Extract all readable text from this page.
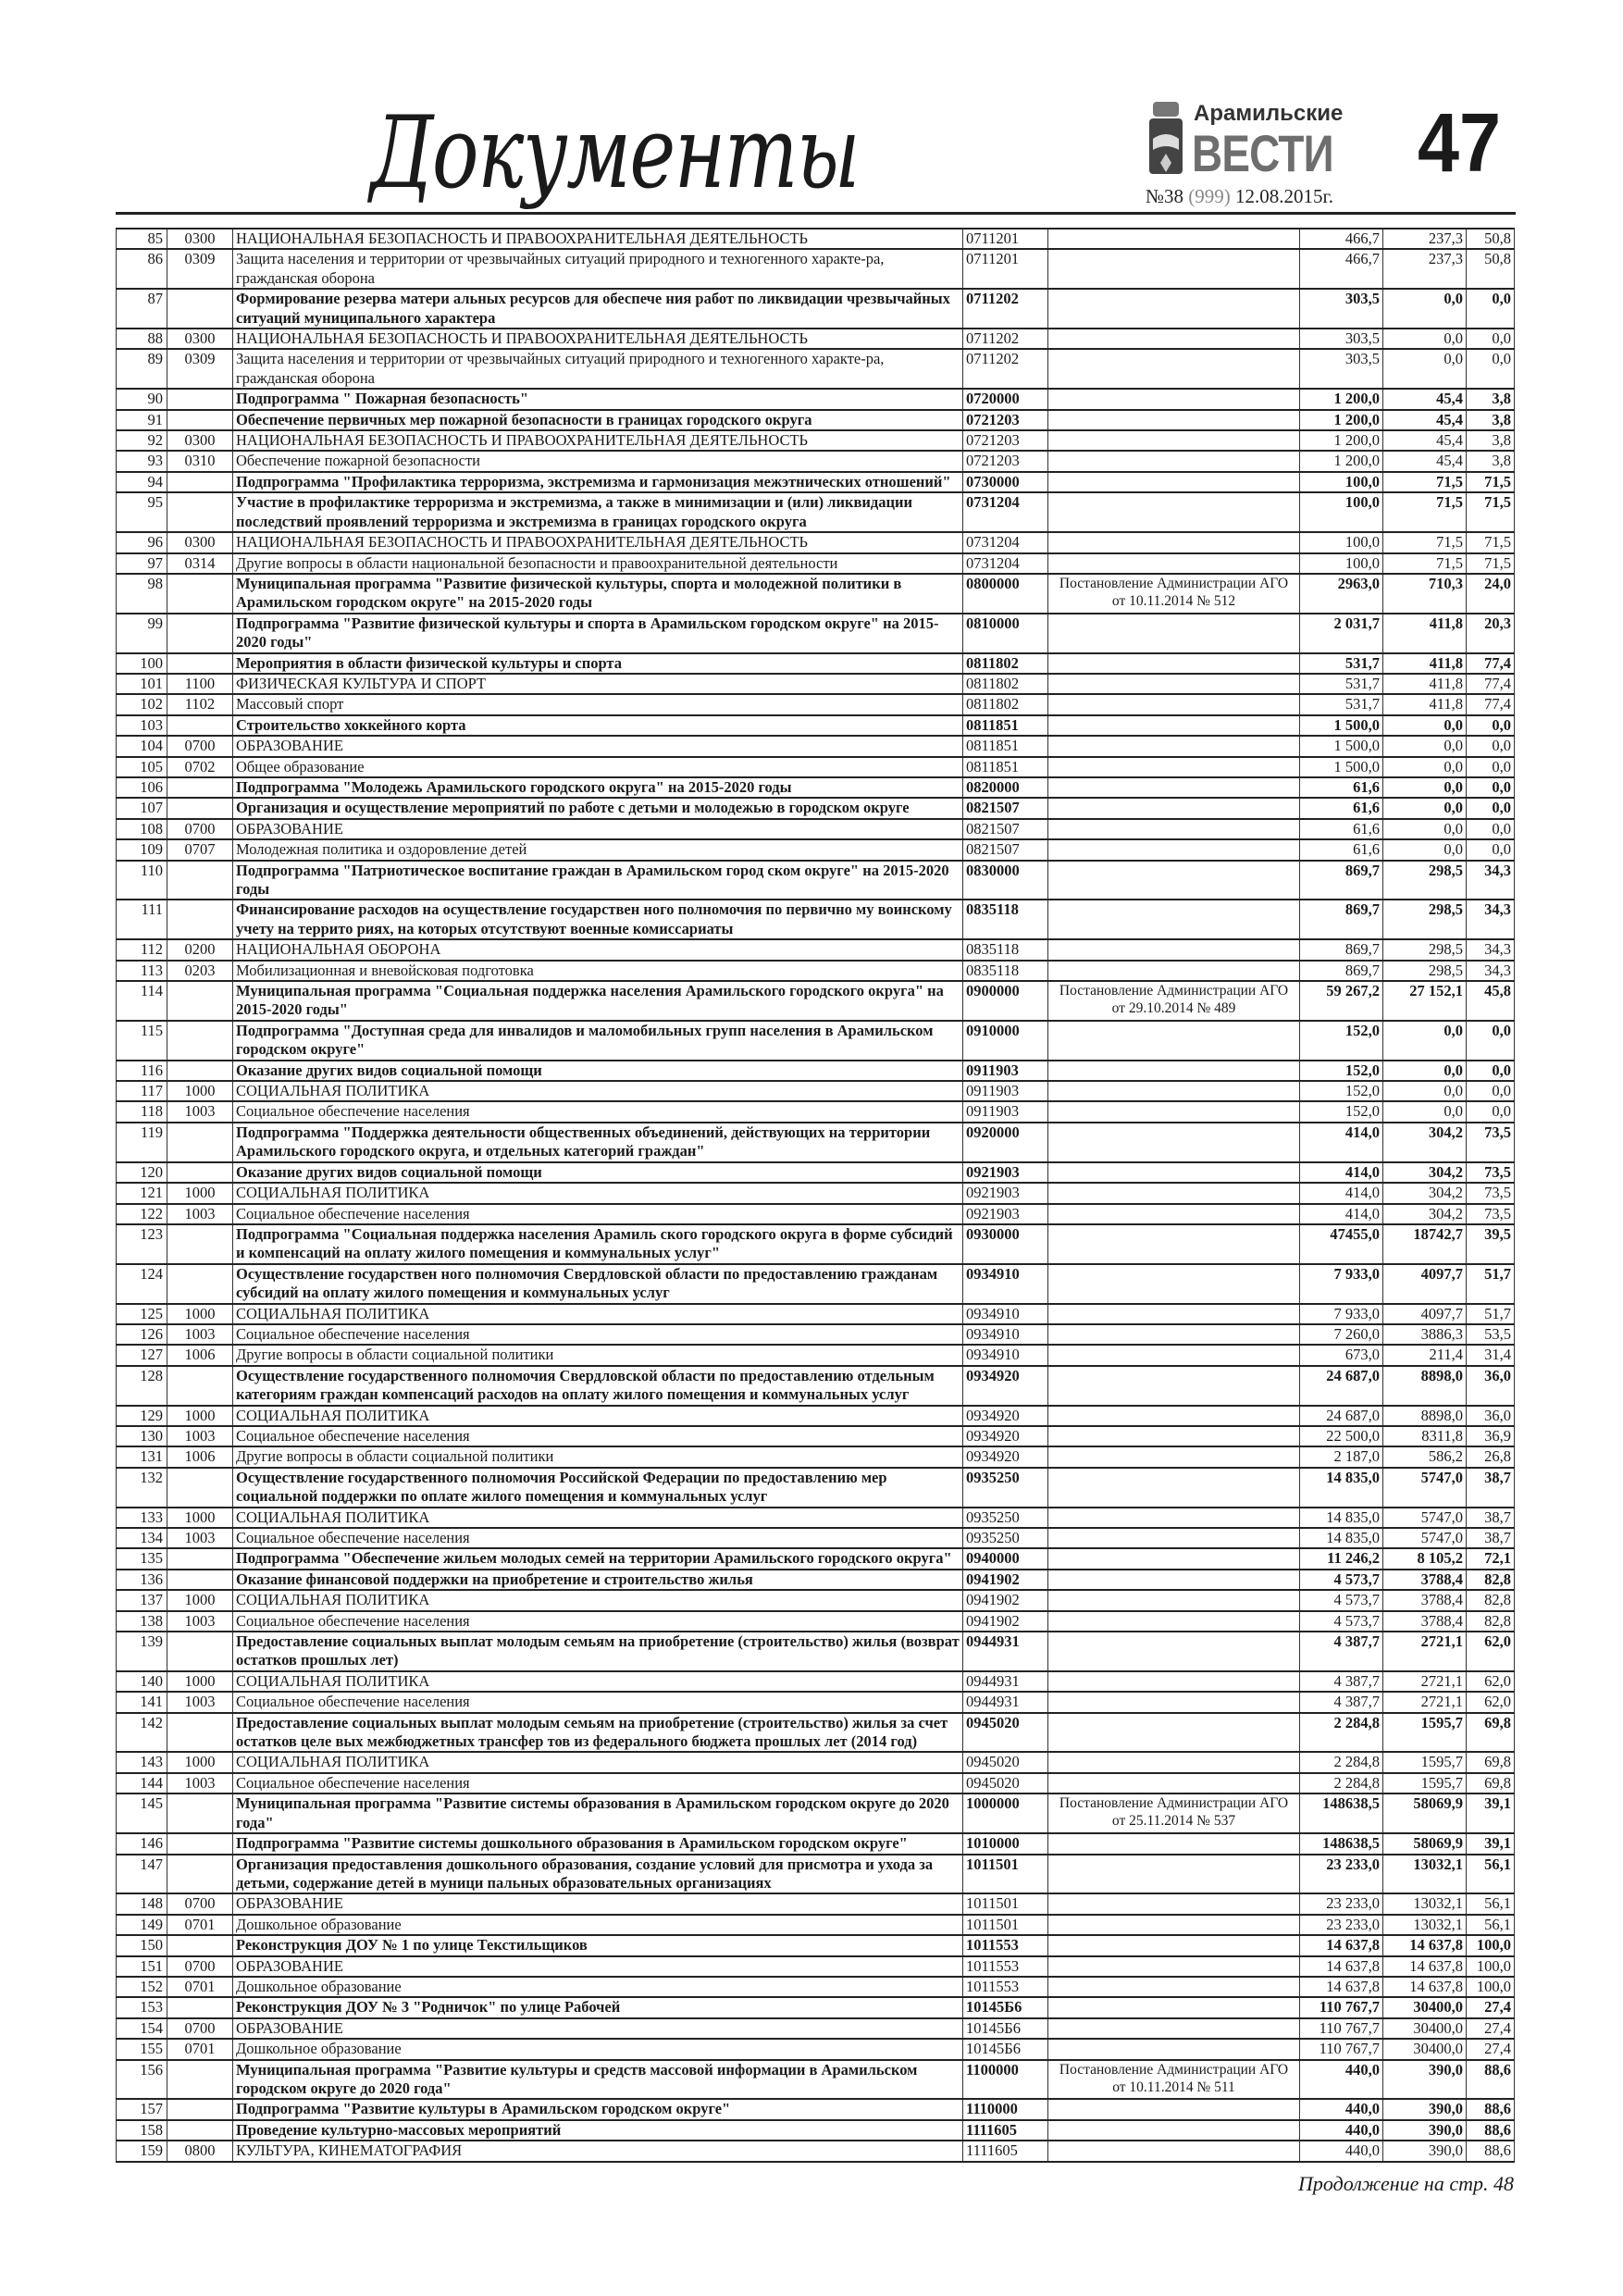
Документы	Арамильские
ВЕСТИ
№38 (999) 12.08.2015г.
47
85	0300	НАЦИОНАЛЬНАЯ БЕЗОПАСНОСТЬ И ПРАВООХРАНИТЕЛЬНАЯ ДЕЯТЕЛЬНОСТЬ	0711201		466,7	237,3	50,8
86	0309	Защита населения и территории от чрезвычайных ситуаций природного и техногенного характе-ра, гражданская оборона	0711201		466,7	237,3	50,8
87		Формирование резерва матери альных ресурсов для обеспече ния работ по ликвидации чрезвычайных ситуаций муниципального характера	0711202		303,5	0,0	0,0
88	0300	НАЦИОНАЛЬНАЯ БЕЗОПАСНОСТЬ И ПРАВООХРАНИТЕЛЬНАЯ ДЕЯТЕЛЬНОСТЬ	0711202		303,5	0,0	0,0
89	0309	Защита населения и территории от чрезвычайных ситуаций природного и техногенного характе-ра, гражданская оборона	0711202		303,5	0,0	0,0
90		Подпрограмма " Пожарная безопасность"	0720000		1 200,0	45,4	3,8
91		Обеспечение первичных мер пожарной безопасности в границах городского округа	0721203		1 200,0	45,4	3,8
92	0300	НАЦИОНАЛЬНАЯ БЕЗОПАСНОСТЬ И ПРАВООХРАНИТЕЛЬНАЯ ДЕЯТЕЛЬНОСТЬ	0721203		1 200,0	45,4	3,8
93	0310	Обеспечение пожарной безопасности	0721203		1 200,0	45,4	3,8
94		Подпрограмма "Профилактика терроризма, экстремизма и гармонизация межэтнических отношений"	0730000		100,0	71,5	71,5
95		Участие в профилактике терроризма и экстремизма, а также в минимизации и (или) ликвидации последствий проявлений терроризма и экстремизма в границах городского округа	0731204		100,0	71,5	71,5
96	0300	НАЦИОНАЛЬНАЯ БЕЗОПАСНОСТЬ И ПРАВООХРАНИТЕЛЬНАЯ ДЕЯТЕЛЬНОСТЬ	0731204		100,0	71,5	71,5
97	0314	Другие вопросы в области национальной безопасности и правоохранительной деятельности	0731204		100,0	71,5	71,5
98		Муниципальная программа "Развитие физической культуры, спорта и молодежной политики в Арамильском городском округе" на 2015-2020 годы	0800000	Постановление Администрации АГО от 10.11.2014 № 512	2963,0	710,3	24,0
99		Подпрограмма "Развитие физической культуры и спорта в Арамильском городском округе" на 2015-2020 годы"	0810000		2 031,7	411,8	20,3
100		Мероприятия в области физической культуры и спорта	0811802		531,7	411,8	77,4
101	1100	ФИЗИЧЕСКАЯ КУЛЬТУРА И СПОРТ	0811802		531,7	411,8	77,4
102	1102	Массовый спорт	0811802		531,7	411,8	77,4
103		Строительство хоккейного корта	0811851		1 500,0	0,0	0,0
104	0700	ОБРАЗОВАНИЕ	0811851		1 500,0	0,0	0,0
105	0702	Общее образование	0811851		1 500,0	0,0	0,0
106		Подпрограмма "Молодежь Арамильского городского округа" на 2015-2020 годы	0820000		61,6	0,0	0,0
107		Организация и осуществление мероприятий по работе с детьми и молодежью в городском округе	0821507		61,6	0,0	0,0
108	0700	ОБРАЗОВАНИЕ	0821507		61,6	0,0	0,0
109	0707	Молодежная политика и оздоровление детей	0821507		61,6	0,0	0,0
110		Подпрограмма "Патриотическое воспитание граждан в Арамильском город ском округе" на 2015-2020 годы	0830000		869,7	298,5	34,3
111		Финансирование расходов на осуществление государствен ного полномочия по первично му воинскому учету на террито риях, на которых отсутствуют военные комиссариаты	0835118		869,7	298,5	34,3
112	0200	НАЦИОНАЛЬНАЯ ОБОРОНА	0835118		869,7	298,5	34,3
113	0203	Мобилизационная и вневойсковая подготовка	0835118		869,7	298,5	34,3
114		Муниципальная программа "Социальная поддержка населения Арамильского городского округа" на 2015-2020 годы"	0900000	Постановление Администрации АГО от 29.10.2014 № 489	59 267,2	27 152,1	45,8
115		Подпрограмма "Доступная среда для инвалидов и маломобильных групп населения в Арамильском городском округе"	0910000		152,0	0,0	0,0
116		Оказание других видов социальной помощи	0911903		152,0	0,0	0,0
117	1000	СОЦИАЛЬНАЯ ПОЛИТИКА	0911903		152,0	0,0	0,0
118	1003	Социальное обеспечение населения	0911903		152,0	0,0	0,0
119		Подпрограмма "Поддержка деятельности общественных объединений, действующих на территории Арамильского городского округа, и отдельных категорий граждан"	0920000		414,0	304,2	73,5
120		Оказание других видов социальной помощи	0921903		414,0	304,2	73,5
121	1000	СОЦИАЛЬНАЯ ПОЛИТИКА	0921903		414,0	304,2	73,5
122	1003	Социальное обеспечение населения	0921903		414,0	304,2	73,5
123		Подпрограмма "Социальная поддержка населения Арамиль ского городского округа в форме субсидий и компенсаций на оплату жилого помещения и коммунальных услуг"	0930000		47455,0	18742,7	39,5
124		Осуществление государствен ного полномочия Свердловской области по предоставлению гражданам субсидий на оплату жилого помещения и коммунальных услуг	0934910		7 933,0	4097,7	51,7
125	1000	СОЦИАЛЬНАЯ ПОЛИТИКА	0934910		7 933,0	4097,7	51,7
126	1003	Социальное обеспечение населения	0934910		7 260,0	3886,3	53,5
127	1006	Другие вопросы в области социальной политики	0934910		673,0	211,4	31,4
128		Осуществление государственного полномочия Свердловской области по предоставлению отдельным категориям граждан компенсаций расходов на оплату жилого помещения и коммунальных услуг	0934920		24 687,0	8898,0	36,0
129	1000	СОЦИАЛЬНАЯ ПОЛИТИКА	0934920		24 687,0	8898,0	36,0
130	1003	Социальное обеспечение населения	0934920		22 500,0	8311,8	36,9
131	1006	Другие вопросы в области социальной политики	0934920		2 187,0	586,2	26,8
132		Осуществление государственного полномочия Российской Федерации по предоставлению мер социальной поддержки по оплате жилого помещения и коммунальных услуг	0935250		14 835,0	5747,0	38,7
133	1000	СОЦИАЛЬНАЯ ПОЛИТИКА	0935250		14 835,0	5747,0	38,7
134	1003	Социальное обеспечение населения	0935250		14 835,0	5747,0	38,7
135		Подпрограмма "Обеспечение жильем молодых семей на территории Арамильского городского округа"	0940000		11 246,2	8 105,2	72,1
136		Оказание финансовой поддержки на приобретение и строительство жилья	0941902		4 573,7	3788,4	82,8
137	1000	СОЦИАЛЬНАЯ ПОЛИТИКА	0941902		4 573,7	3788,4	82,8
138	1003	Социальное обеспечение населения	0941902		4 573,7	3788,4	82,8
139		Предоставление социальных выплат молодым семьям на приобретение (строительство) жилья (возврат остатков прошлых лет)	0944931		4 387,7	2721,1	62,0
140	1000	СОЦИАЛЬНАЯ ПОЛИТИКА	0944931		4 387,7	2721,1	62,0
141	1003	Социальное обеспечение населения	0944931		4 387,7	2721,1	62,0
142		Предоставление социальных выплат молодым семьям на приобретение (строительство) жилья за счет остатков целе вых межбюджетных трансфер тов из федерального бюджета прошлых лет (2014 год)	0945020		2 284,8	1595,7	69,8
143	1000	СОЦИАЛЬНАЯ ПОЛИТИКА	0945020		2 284,8	1595,7	69,8
144	1003	Социальное обеспечение населения	0945020		2 284,8	1595,7	69,8
145		Муниципальная программа "Развитие системы образования в Арамильском городском округе до 2020 года"	1000000	Постановление Администрации АГО от 25.11.2014 № 537	148638,5	58069,9	39,1
146		Подпрограмма "Развитие системы дошкольного образования в Арамильском городском округе"	1010000		148638,5	58069,9	39,1
147		Организация предоставления дошкольного образования, создание условий для присмотра и ухода за детьми, содержание детей в муници пальных образовательных организациях	1011501		23 233,0	13032,1	56,1
148	0700	ОБРАЗОВАНИЕ	1011501		23 233,0	13032,1	56,1
149	0701	Дошкольное образование	1011501		23 233,0	13032,1	56,1
150		Реконструкция ДОУ № 1 по улице Текстильщиков	1011553		14 637,8	14 637,8	100,0
151	0700	ОБРАЗОВАНИЕ	1011553		14 637,8	14 637,8	100,0
152	0701	Дошкольное образование	1011553		14 637,8	14 637,8	100,0
153		Реконструкция ДОУ № 3 "Родничок" по улице Рабочей	10145Б6		110 767,7	30400,0	27,4
154	0700	ОБРАЗОВАНИЕ	10145Б6		110 767,7	30400,0	27,4
155	0701	Дошкольное образование	10145Б6		110 767,7	30400,0	27,4
156		Муниципальная программа "Развитие культуры и средств массовой информации в Арамильском городском округе до 2020 года"	1100000	Постановление Администрации АГО от 10.11.2014 № 511	440,0	390,0	88,6
157		Подпрограмма "Развитие культуры в Арамильском городском округе"	1110000		440,0	390,0	88,6
158		Проведение культурно-массовых мероприятий	1111605		440,0	390,0	88,6
159	0800	КУЛЬТУРА, КИНЕМАТОГРАФИЯ	1111605		440,0	390,0	88,6
Продолжение на стр. 48
